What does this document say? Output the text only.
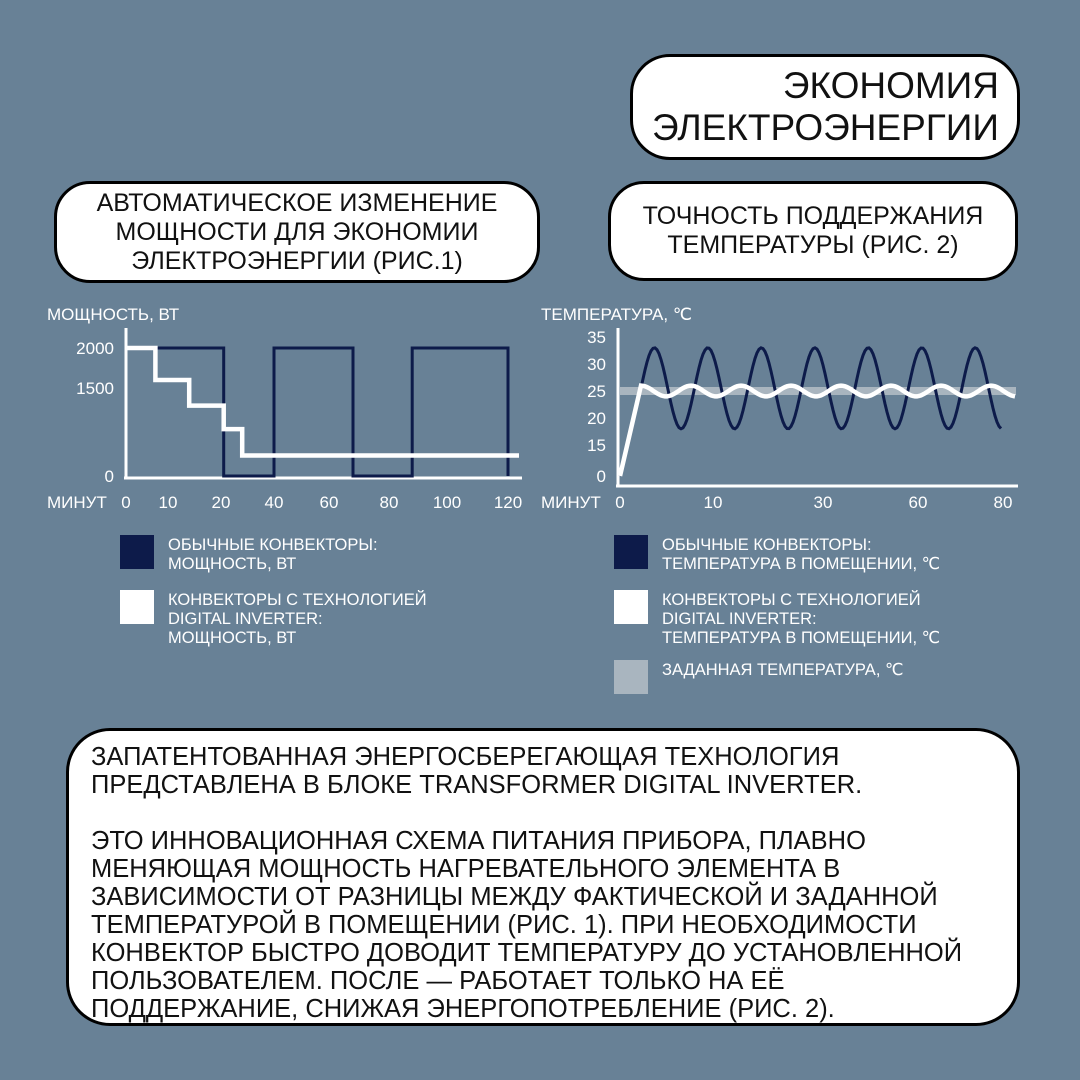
ЭКОНОМИЯ
ЭЛЕКТРОЭНЕРГИИ
АВТОМАТИЧЕСКОЕ ИЗМЕНЕНИЕ
МОЩНОСТИ ДЛЯ ЭКОНОМИИ
ЭЛЕКТРОЭНЕРГИИ (РИС.1)
ТОЧНОСТЬ ПОДДЕРЖАНИЯ
ТЕМПЕРАТУРЫ (РИС. 2)
МОЩНОСТЬ, ВТ
МИНУТ
0
1500
2000
0 10 20 40 60 80 100 120
ТЕМПЕРАТУРА, ℃
МИНУТ
0
15
20
25
30
35
0	10	30	60	80
ОБЫЧНЫЕ КОНВЕКТОРЫ:
МОЩНОСТЬ, ВТ
КОНВЕКТОРЫ С ТЕХНОЛОГИЕЙ
DIGITAL INVERTER:
МОЩНОСТЬ, ВТ
ОБЫЧНЫЕ КОНВЕКТОРЫ:
ТЕМПЕРАТУРА В ПОМЕЩЕНИИ, ℃
КОНВЕКТОРЫ С ТЕХНОЛОГИЕЙ
DIGITAL INVERTER:
ТЕМПЕРАТУРА В ПОМЕЩЕНИИ, ℃
ЗАДАННАЯ ТЕМПЕРАТУРА, ℃

ЗАПАТЕНТОВАННАЯ ЭНЕРГОСБЕРЕГАЮЩАЯ ТЕХНОЛОГИЯ
ПРЕДСТАВЛЕНА В БЛОКЕ TRANSFORMER DIGITAL INVERTER.

ЭТО ИННОВАЦИОННАЯ СХЕМА ПИТАНИЯ ПРИБОРА, ПЛАВНО
МЕНЯЮЩАЯ МОЩНОСТЬ НАГРЕВАТЕЛЬНОГО ЭЛЕМЕНТА В
ЗАВИСИМОСТИ ОТ РАЗНИЦЫ МЕЖДУ ФАКТИЧЕСКОЙ И ЗАДАННОЙ
ТЕМПЕРАТУРОЙ В ПОМЕЩЕНИИ (РИС. 1). ПРИ НЕОБХОДИМОСТИ
КОНВЕКТОР БЫСТРО ДОВОДИТ ТЕМПЕРАТУРУ ДО УСТАНОВЛЕННОЙ
ПОЛЬЗОВАТЕЛЕМ. ПОСЛЕ — РАБОТАЕТ ТОЛЬКО НА ЕЁ
ПОДДЕРЖАНИЕ, СНИЖАЯ ЭНЕРГОПОТРЕБЛЕНИЕ (РИС. 2).
